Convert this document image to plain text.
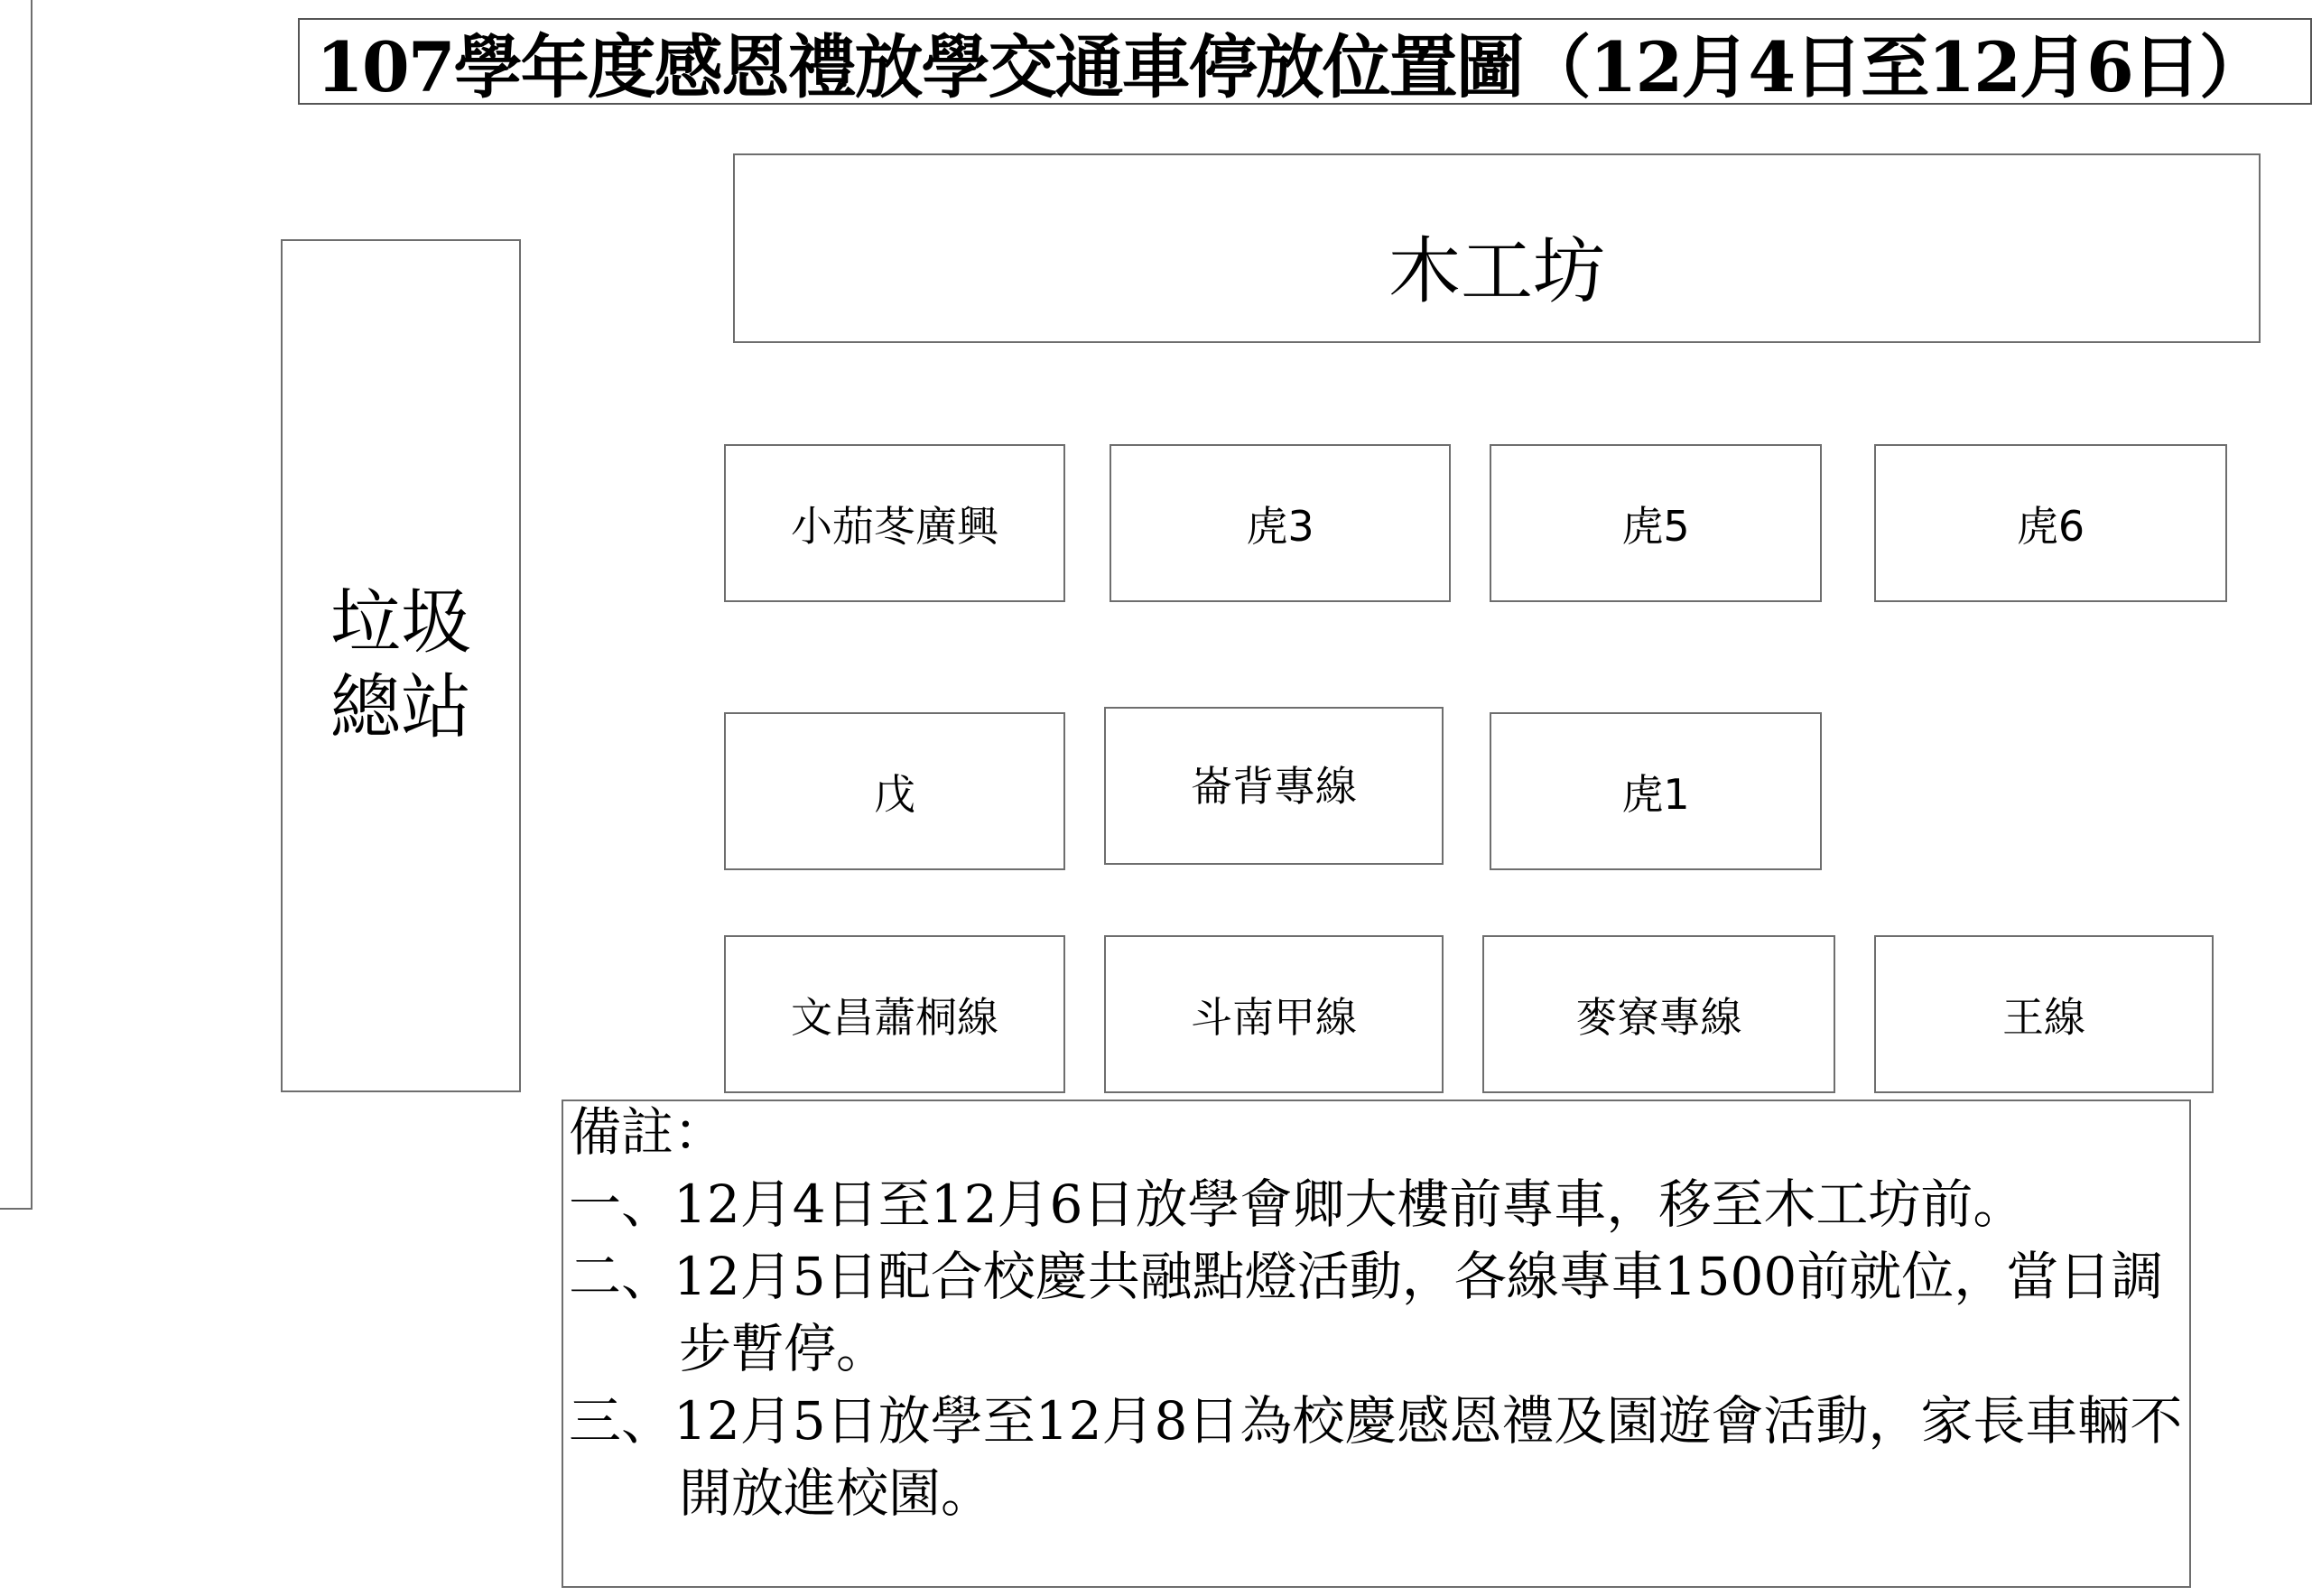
107學年度感恩禮放學交通車停放位置圖（12月4日至12月6日）
木工坊
垃圾總站
小茄苳廣興	虎3	虎5	虎6
戊	崙背專線	虎1
文昌蕭桐線	斗南甲線	麥寮專線	王線
備註：
一、12月4日至12月6日放學會卿大樓前專車，移至木工坊前。
二、12月5日配合校慶共融點燈活動，各線專車1500前就位，當日調步暫停。
三、12月5日放學至12月8日為校慶感恩禮及園遊會活動，家長車輛不開放進校園。
